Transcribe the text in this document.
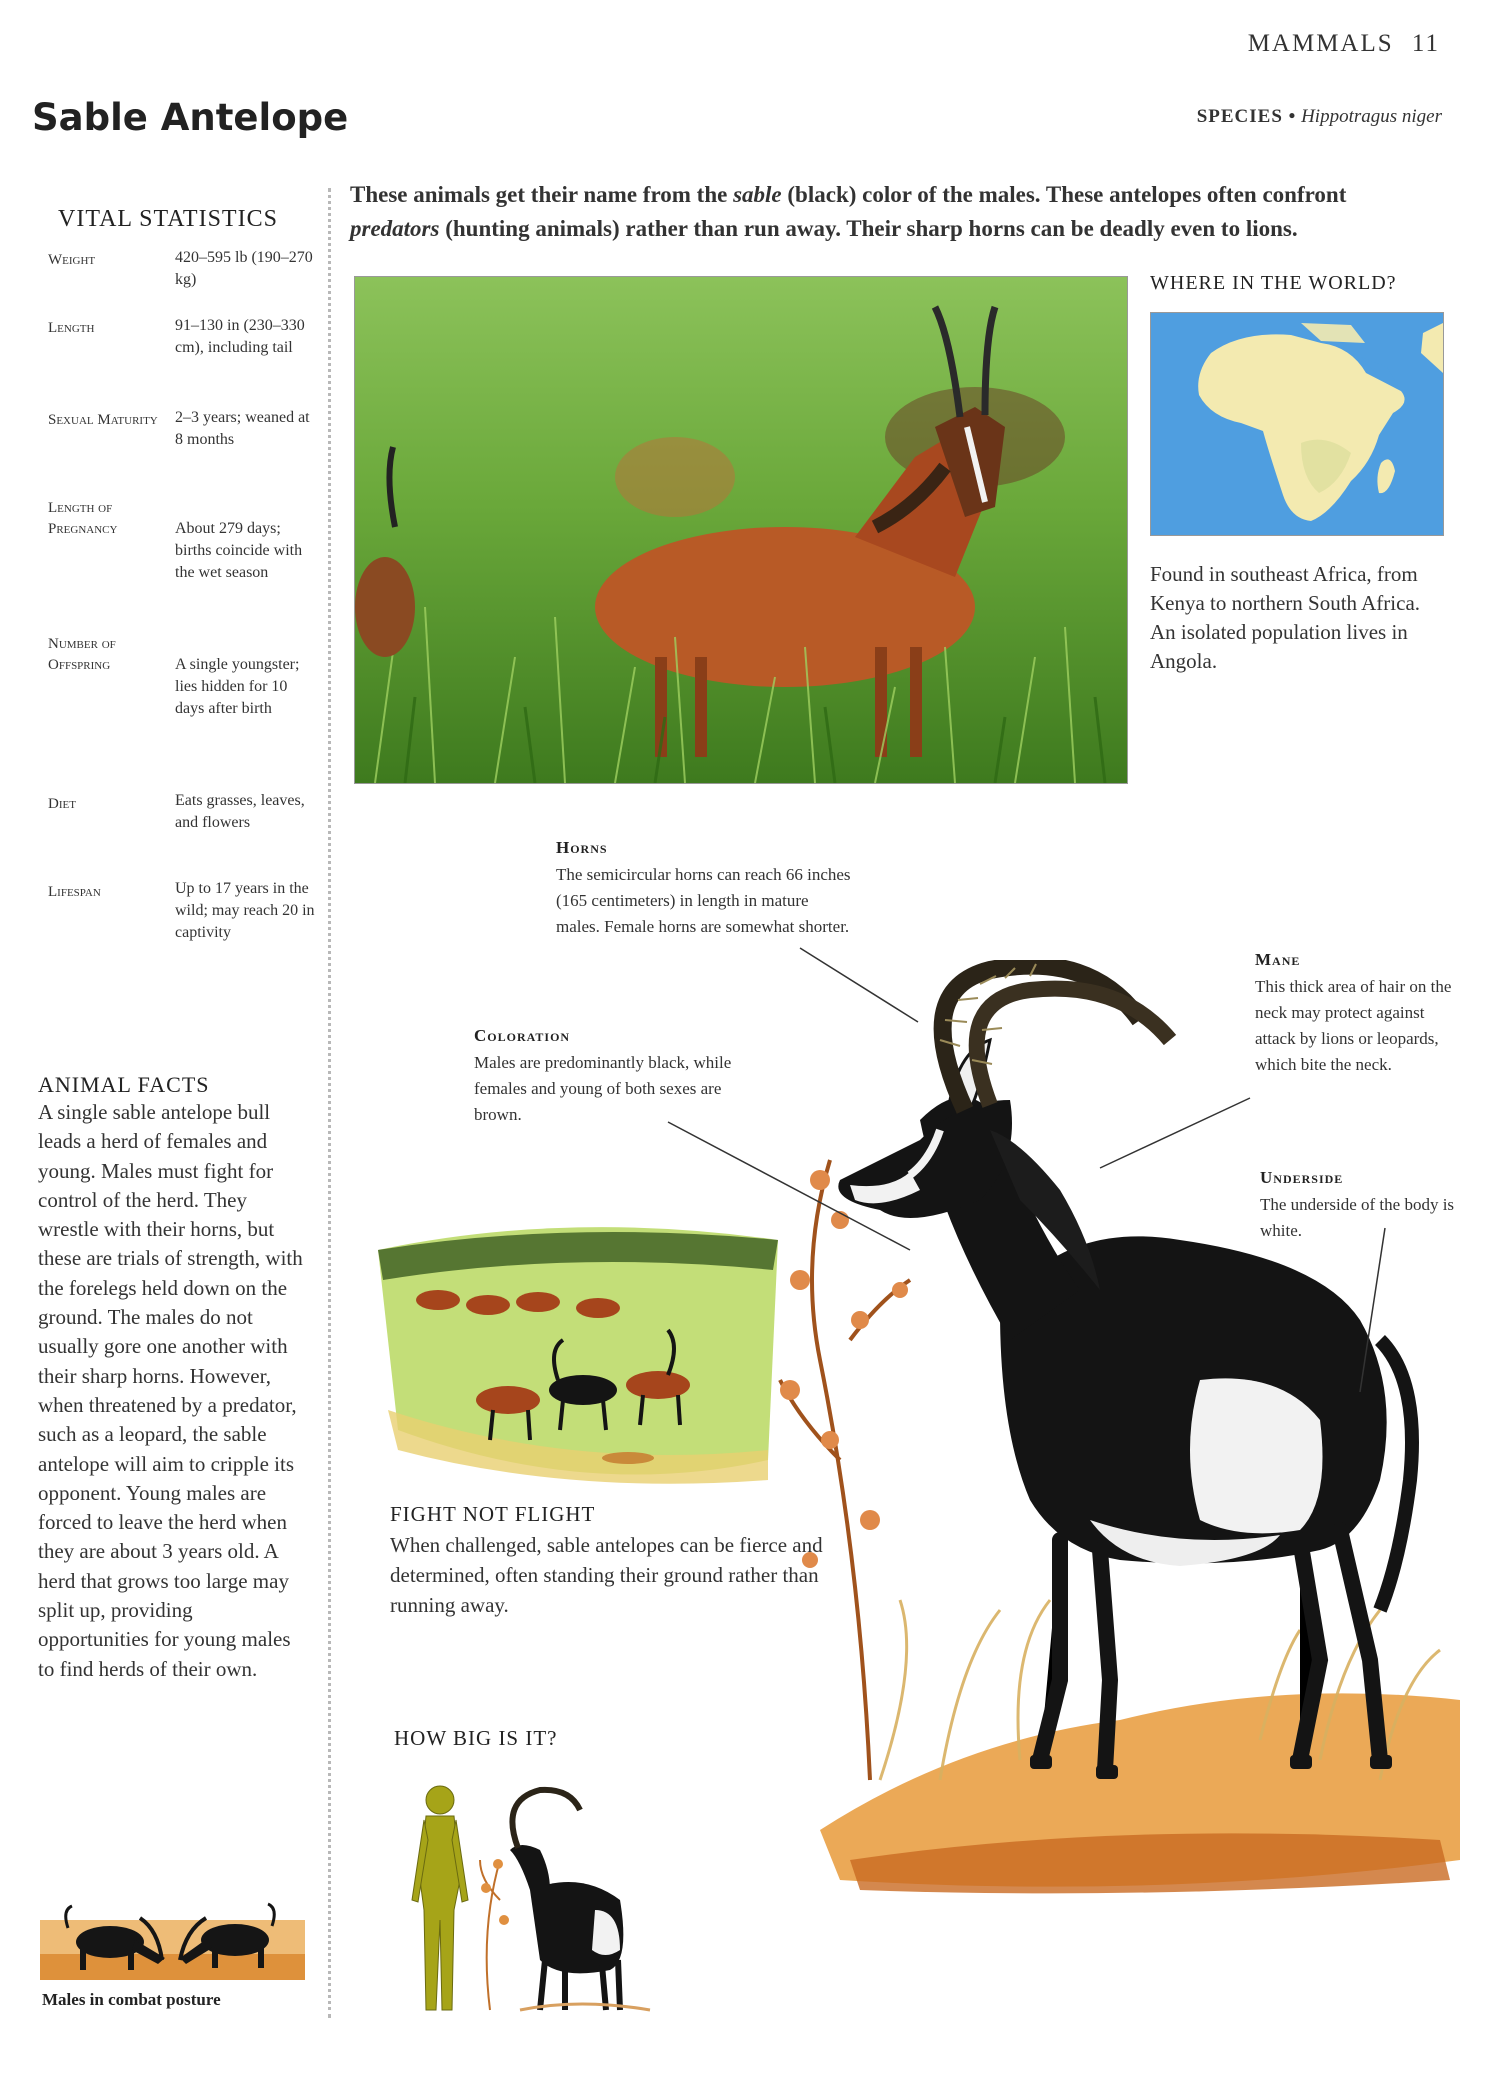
MAMMALS 11
Sable Antelope	SPECIES • Hippotragus niger
VITAL STATISTICS
Weight	420–595 lb (190–270 kg)
Length	91–130 in (230–330 cm), including tail
Sexual Maturity	2–3 years; weaned at 8 months
Length of Pregnancy	About 279 days; births coincide with the wet season
Number of Offspring	A single youngster; lies hidden for 10 days after birth
Diet	Eats grasses, leaves, and flowers
Lifespan	Up to 17 years in the wild; may reach 20 in captivity
ANIMAL FACTS
A single sable antelope bull leads a herd of females and young. Males must fight for control of the herd. They wrestle with their horns, but these are trials of strength, with the forelegs held down on the ground. The males do not usually gore one another with their sharp horns. However, when threatened by a predator, such as a leopard, the sable antelope will aim to cripple its opponent. Young males are forced to leave the herd when they are about 3 years old. A herd that grows too large may split up, providing opportunities for young males to find herds of their own.
Males in combat posture
These animals get their name from the sable (black) color of the males. These antelopes often confront predators (hunting animals) rather than run away. Their sharp horns can be deadly even to lions.
WHERE IN THE WORLD?
Found in southeast Africa, from Kenya to northern South Africa. An isolated population lives in Angola.
Horns
The semicircular horns can reach 66 inches (165 centimeters) in length in mature males. Female horns are somewhat shorter.
Coloration
Males are predominantly black, while females and young of both sexes are brown.
Mane
This thick area of hair on the neck may protect against attack by lions or leopards, which bite the neck.
Underside
The underside of the body is white.
FIGHT NOT FLIGHT
When challenged, sable antelopes can be fierce and determined, often standing their ground rather than running away.
HOW BIG IS IT?
